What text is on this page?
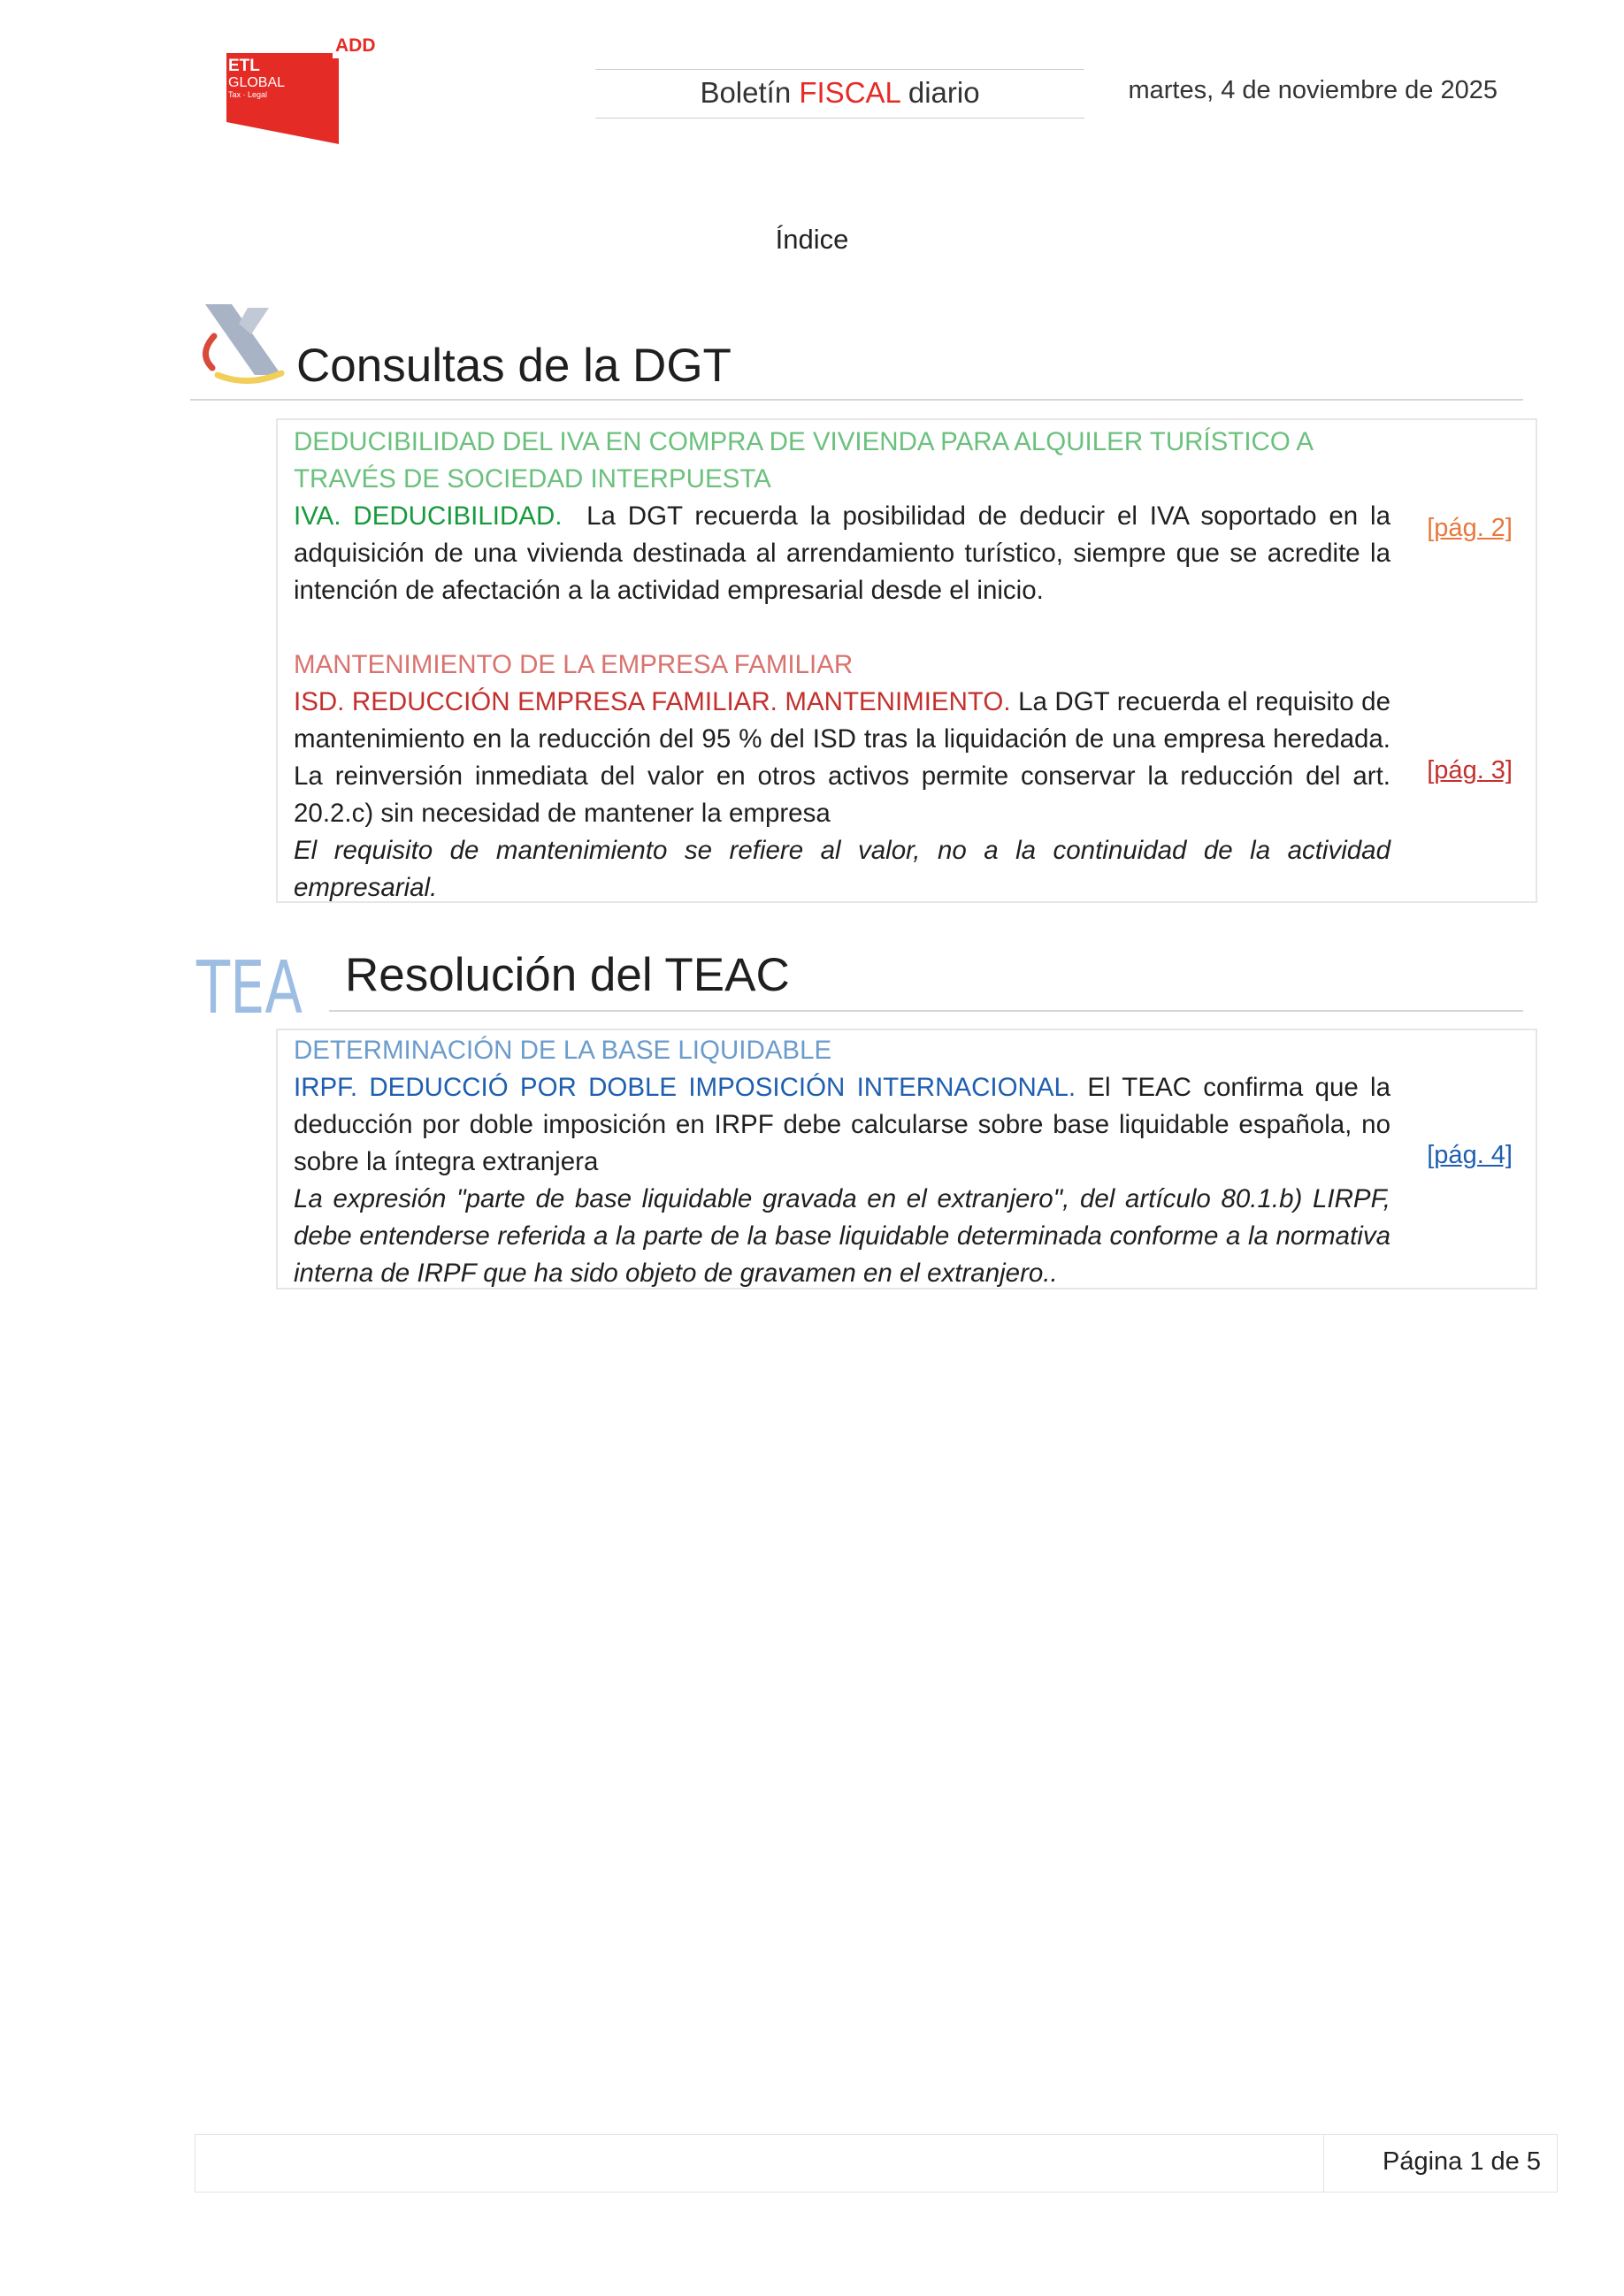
ADD
ETL
GLOBAL
Tax · Legal	Boletín FISCAL diario	martes, 4 de noviembre de 2025
Índice
Consultas de la DGT

DEDUCIBILIDAD DEL IVA EN COMPRA DE VIVIENDA PARA ALQUILER TURÍSTICO A TRAVÉS DE SOCIEDAD INTERPUESTA

IVA. DEDUCIBILIDAD. La DGT recuerda la posibilidad de deducir el IVA soportado en la adquisición de una vivienda destinada al arrendamiento turístico, siempre que se acredite la intención de afectación a la actividad empresarial desde el inicio.

[pág. 2]

MANTENIMIENTO DE LA EMPRESA FAMILIAR

ISD. REDUCCIÓN EMPRESA FAMILIAR. MANTENIMIENTO. La DGT recuerda el requisito de mantenimiento en la reducción del 95 % del ISD tras la liquidación de una empresa heredada. La reinversión inmediata del valor en otros activos permite conservar la reducción del art. 20.2.c) sin necesidad de mantener la empresa

El requisito de mantenimiento se refiere al valor, no a la continuidad de la actividad empresarial.

[pág. 3]
TEA Resolución del TEAC

DETERMINACIÓN DE LA BASE LIQUIDABLE

IRPF. DEDUCCIÓ POR DOBLE IMPOSICIÓN INTERNACIONAL. El TEAC confirma que la deducción por doble imposición en IRPF debe calcularse sobre base liquidable española, no sobre la íntegra extranjera

La expresión "parte de base liquidable gravada en el extranjero", del artículo 80.1.b) LIRPF, debe entenderse referida a la parte de la base liquidable determinada conforme a la normativa interna de IRPF que ha sido objeto de gravamen en el extranjero..

[pág. 4]
Página 1 de 5
